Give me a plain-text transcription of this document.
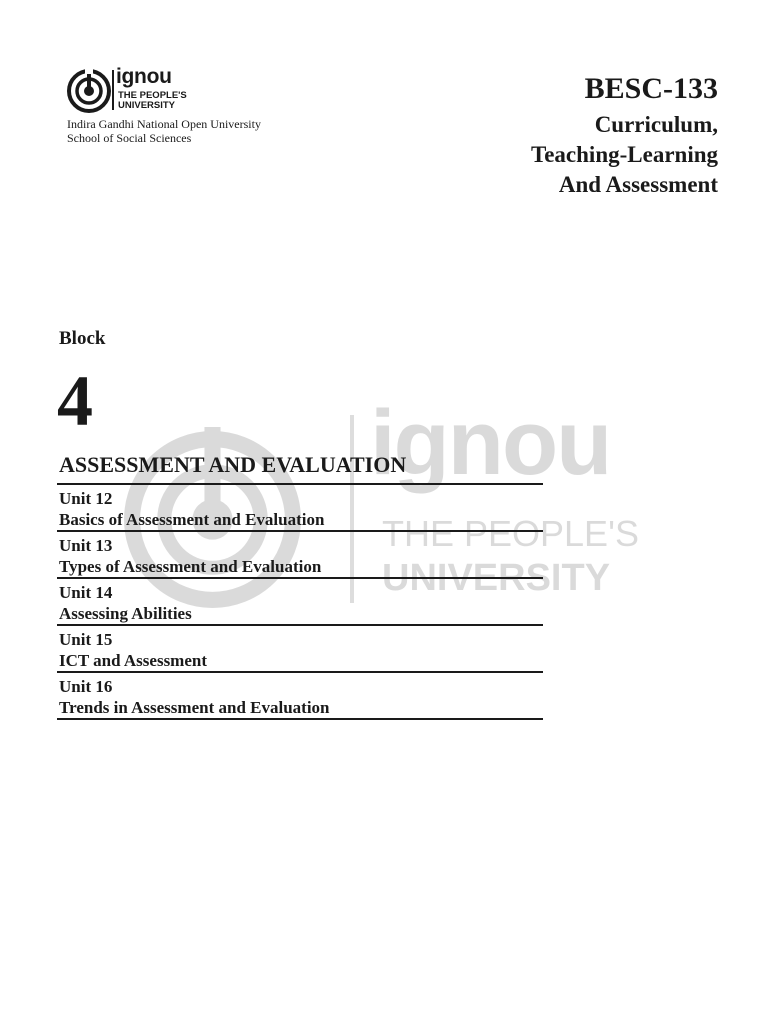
ignou
THE PEOPLE'S
UNIVERSITY
Indira Gandhi National Open University
School of Social Sciences
BESC-133
Curriculum,
Teaching-Learning
And Assessment
ignou
THE PEOPLE'S
UNIVERSITY
Block
4
ASSESSMENT AND EVALUATION
Unit 12
Basics of Assessment and Evaluation
Unit 13
Types of Assessment and Evaluation
Unit 14
Assessing Abilities
Unit 15
ICT and Assessment
Unit 16
Trends in Assessment and Evaluation
